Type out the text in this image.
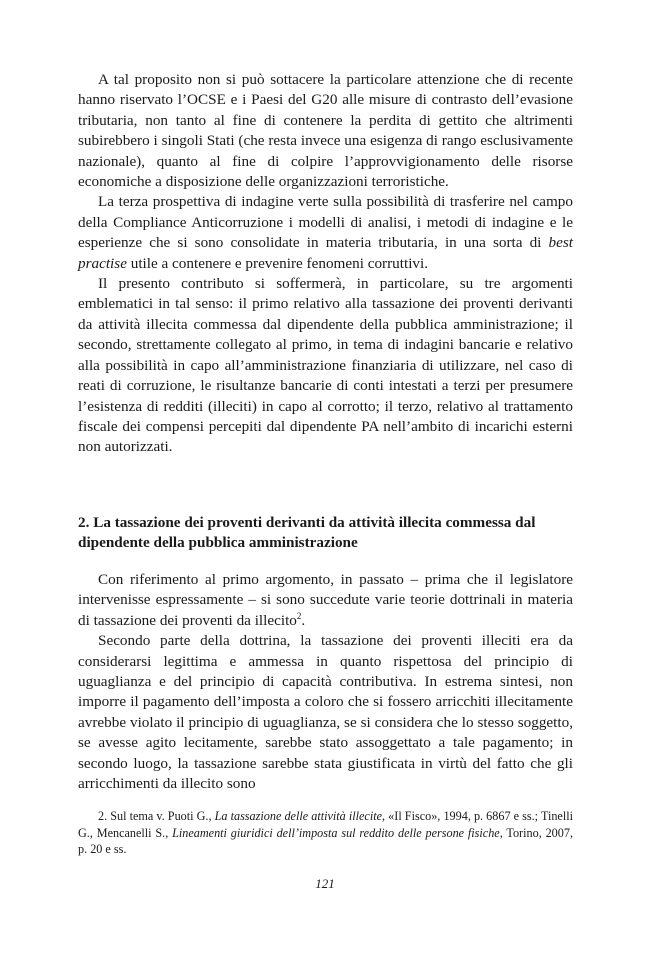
A tal proposito non si può sottacere la particolare attenzione che di recente hanno riservato l’OCSE e i Paesi del G20 alle misure di contrasto dell’evasione tributaria, non tanto al fine di contenere la perdita di gettito che altrimenti subirebbero i singoli Stati (che resta invece una esigenza di rango esclusivamente nazionale), quanto al fine di colpire l’approvvigionamento delle risorse economiche a disposizione delle organizzazioni terroristiche.

La terza prospettiva di indagine verte sulla possibilità di trasferire nel campo della Compliance Anticorruzione i modelli di analisi, i metodi di indagine e le esperienze che si sono consolidate in materia tributaria, in una sorta di best practise utile a contenere e prevenire fenomeni corruttivi.

Il presento contributo si soffermerà, in particolare, su tre argomenti emblematici in tal senso: il primo relativo alla tassazione dei proventi derivanti da attività illecita commessa dal dipendente della pubblica amministrazione; il secondo, strettamente collegato al primo, in tema di indagini bancarie e relativo alla possibilità in capo all’amministrazione finanziaria di utilizzare, nel caso di reati di corruzione, le risultanze bancarie di conti intestati a terzi per presumere l’esistenza di redditi (illeciti) in capo al corrotto; il terzo, relativo al trattamento fiscale dei compensi percepiti dal dipendente PA nell’ambito di incarichi esterni non autorizzati.

2. La tassazione dei proventi derivanti da attività illecita commessa dal dipendente della pubblica amministrazione

Con riferimento al primo argomento, in passato – prima che il legislatore intervenisse espressamente – si sono succedute varie teorie dottrinali in materia di tassazione dei proventi da illecito$^2$.

Secondo parte della dottrina, la tassazione dei proventi illeciti era da considerarsi legittima e ammessa in quanto rispettosa del principio di uguaglianza e del principio di capacità contributiva. In estrema sintesi, non imporre il pagamento dell’imposta a coloro che si fossero arricchiti illecitamente avrebbe violato il principio di uguaglianza, se si considera che lo stesso soggetto, se avesse agito lecitamente, sarebbe stato assoggettato a tale pagamento; in secondo luogo, la tassazione sarebbe stata giustificata in virtù del fatto che gli arricchimenti da illecito sono

2. Sul tema v. Puoti G., La tassazione delle attività illecite, «Il Fisco», 1994, p. 6867 e ss.; Tinelli G., Mencanelli S., Lineamenti giuridici dell’imposta sul reddito delle persone fisiche, Torino, 2007, p. 20 e ss.

121
